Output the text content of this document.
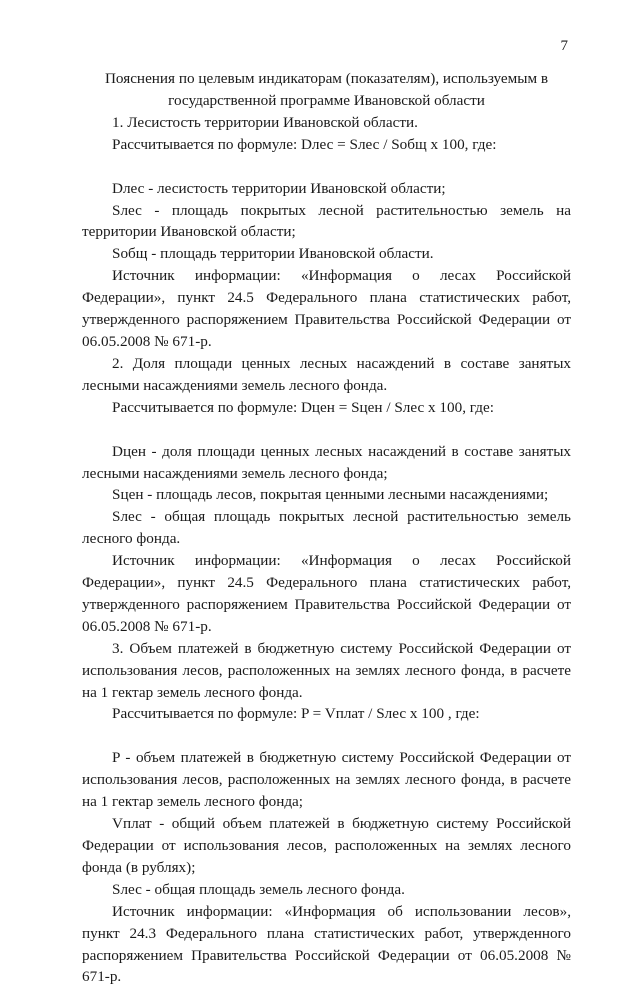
7

Пояснения по целевым индикаторам (показателям), используемым в государственной программе Ивановской области

1. Лесистость территории Ивановской области.

Рассчитывается по формуле: Dлес = Sлес / Sобщ х 100, где:

Dлес - лесистость территории Ивановской области;

Sлес - площадь покрытых лесной растительностью земель на территории Ивановской области;

Sобщ - площадь территории Ивановской области.

Источник информации: «Информация о лесах Российской Федерации», пункт 24.5 Федерального плана статистических работ, утвержденного распоряжением Правительства Российской Федерации от 06.05.2008 № 671-р.

2. Доля площади ценных лесных насаждений в составе занятых лесными насаждениями земель лесного фонда.

Рассчитывается по формуле: Dцен = Sцен / Sлес х 100, где:

Dцен - доля площади ценных лесных насаждений в составе занятых лесными насаждениями земель лесного фонда;

Sцен - площадь лесов, покрытая ценными лесными насаждениями;

Sлес - общая площадь покрытых лесной растительностью земель лесного фонда.

Источник информации: «Информация о лесах Российской Федерации», пункт 24.5 Федерального плана статистических работ, утвержденного распоряжением Правительства Российской Федерации от 06.05.2008 № 671-р.

3. Объем платежей в бюджетную систему Российской Федерации от использования лесов, расположенных на землях лесного фонда, в расчете на 1 гектар земель лесного фонда.

Рассчитывается по формуле: P = Vплат / Sлес х 100 , где:

P - объем платежей в бюджетную систему Российской Федерации от использования лесов, расположенных на землях лесного фонда, в расчете на 1 гектар земель лесного фонда;

Vплат - общий объем платежей в бюджетную систему Российской Федерации от использования лесов, расположенных на землях лесного фонда (в рублях);

Sлес - общая площадь земель лесного фонда.

Источник информации: «Информация об использовании лесов», пункт 24.3 Федерального плана статистических работ, утвержденного распоряжением Правительства Российской Федерации от 06.05.2008 № 671-р.
